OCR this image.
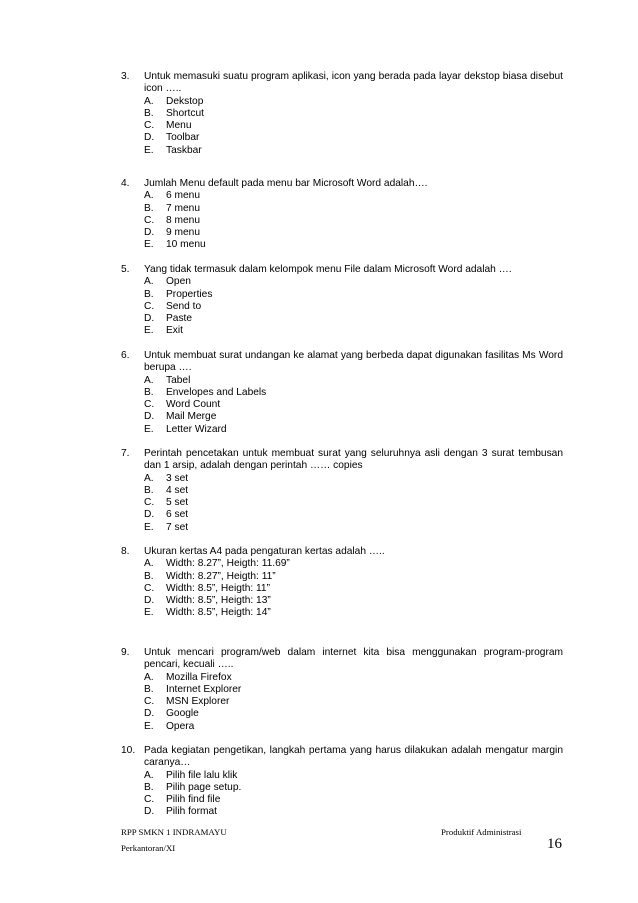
3.	Untuk memasuki suatu program aplikasi, icon yang berada pada layar dekstop biasa disebut icon …..
A.	Dekstop
B.	Shortcut
C.	Menu
D.	Toolbar
E.	Taskbar
4.	Jumlah Menu default pada menu bar Microsoft Word adalah….
A.	6 menu
B.	7 menu
C.	8 menu
D.	9 menu
E.	10 menu
5.	Yang tidak termasuk dalam kelompok menu File dalam Microsoft Word adalah ….
A.	Open
B.	Properties
C.	Send to
D.	Paste
E.	Exit
6.	Untuk membuat surat undangan ke alamat yang berbeda dapat digunakan fasilitas Ms Word berupa ….
A.	Tabel
B.	Envelopes and Labels
C.	Word Count
D.	Mail Merge
E.	Letter Wizard
7.	Perintah pencetakan untuk membuat surat yang seluruhnya asli dengan 3 surat tembusan dan 1 arsip, adalah dengan perintah …… copies
A.	3 set
B.	4 set
C.	5 set
D.	6 set
E.	7 set
8.	Ukuran kertas A4 pada pengaturan kertas adalah …..
A.	Width: 8.27”, Heigth: 11.69”
B.	Width: 8.27”, Heigth: 11”
C.	Width: 8.5”, Heigth: 11”
D.	Width: 8.5”, Heigth: 13”
E.	Width: 8.5”, Heigth: 14”
9.	Untuk mencari program/web dalam internet kita bisa menggunakan program-program pencari, kecuali …..
A.	Mozilla Firefox
B.	Internet Explorer
C.	MSN Explorer
D.	Google
E.	Opera
10. Pada kegiatan pengetikan, langkah pertama yang harus dilakukan adalah mengatur margin caranya…
A.	Pilih file lalu klik
B.	Pilih page setup.
C.	Pilih find file
D.	Pilih format
RPP SMKN 1 INDRAMAYU
Perkantoran/XI
Produktif Administrasi
16
